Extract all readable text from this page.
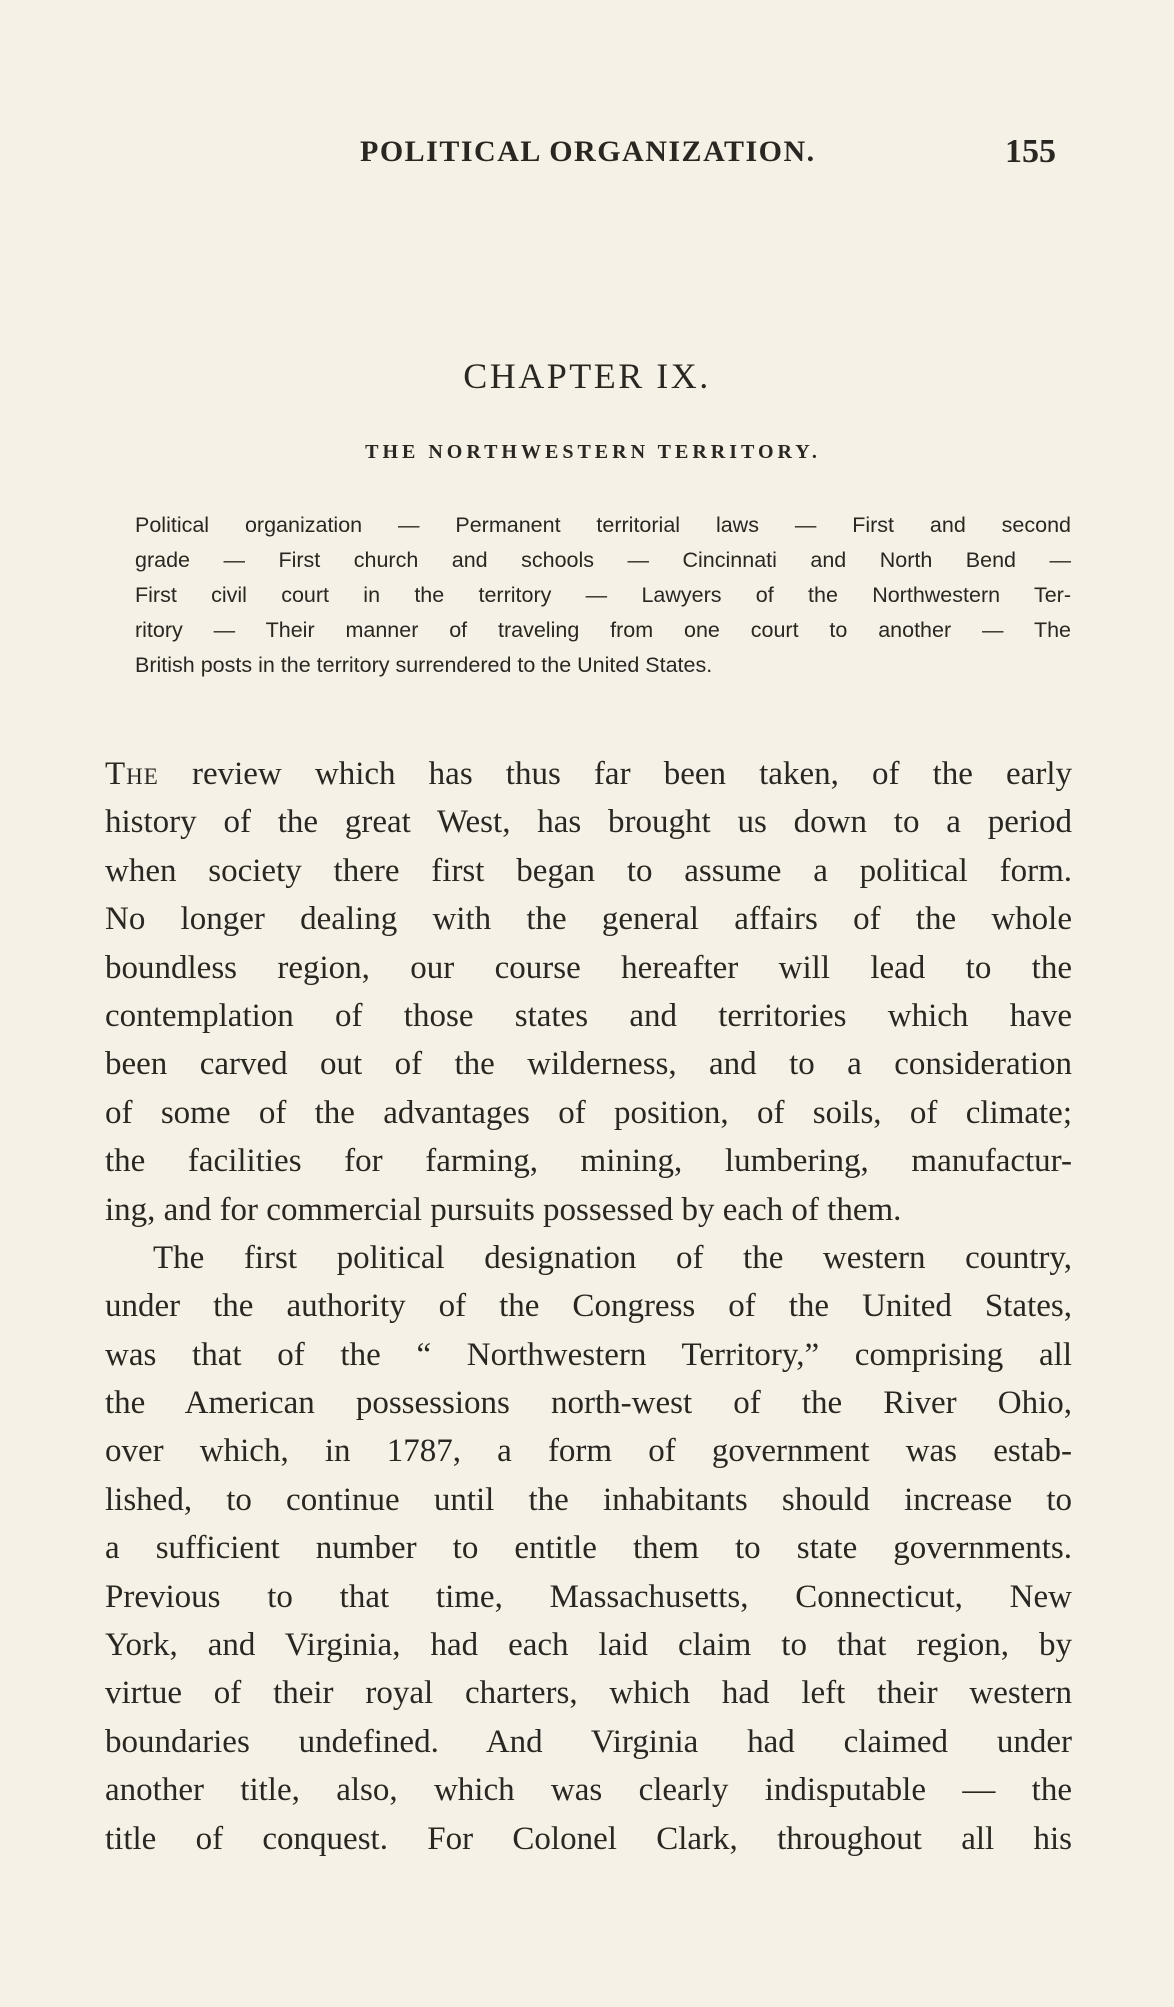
POLITICAL ORGANIZATION.	155
CHAPTER IX.
THE NORTHWESTERN TERRITORY.
Political organization — Permanent territorial laws — First and second
grade — First church and schools — Cincinnati and North Bend —
First civil court in the territory — Lawyers of the Northwestern Ter-
ritory — Their manner of traveling from one court to another — The
British posts in the territory surrendered to the United States.
The review which has thus far been taken, of the early
history of the great West, has brought us down to a period
when society there first began to assume a political form.
No longer dealing with the general affairs of the whole
boundless region, our course hereafter will lead to the
contemplation of those states and territories which have
been carved out of the wilderness, and to a consideration
of some of the advantages of position, of soils, of climate;
the facilities for farming, mining, lumbering, manufactur-
ing, and for commercial pursuits possessed by each of them.
The first political designation of the western country,
under the authority of the Congress of the United States,
was that of the “ Northwestern Territory,” comprising all
the American possessions north-west of the River Ohio,
over which, in 1787, a form of government was estab-
lished, to continue until the inhabitants should increase to
a sufficient number to entitle them to state governments.
Previous to that time, Massachusetts, Connecticut, New
York, and Virginia, had each laid claim to that region, by
virtue of their royal charters, which had left their western
boundaries undefined. And Virginia had claimed under
another title, also, which was clearly indisputable — the
title of conquest. For Colonel Clark, throughout all his
